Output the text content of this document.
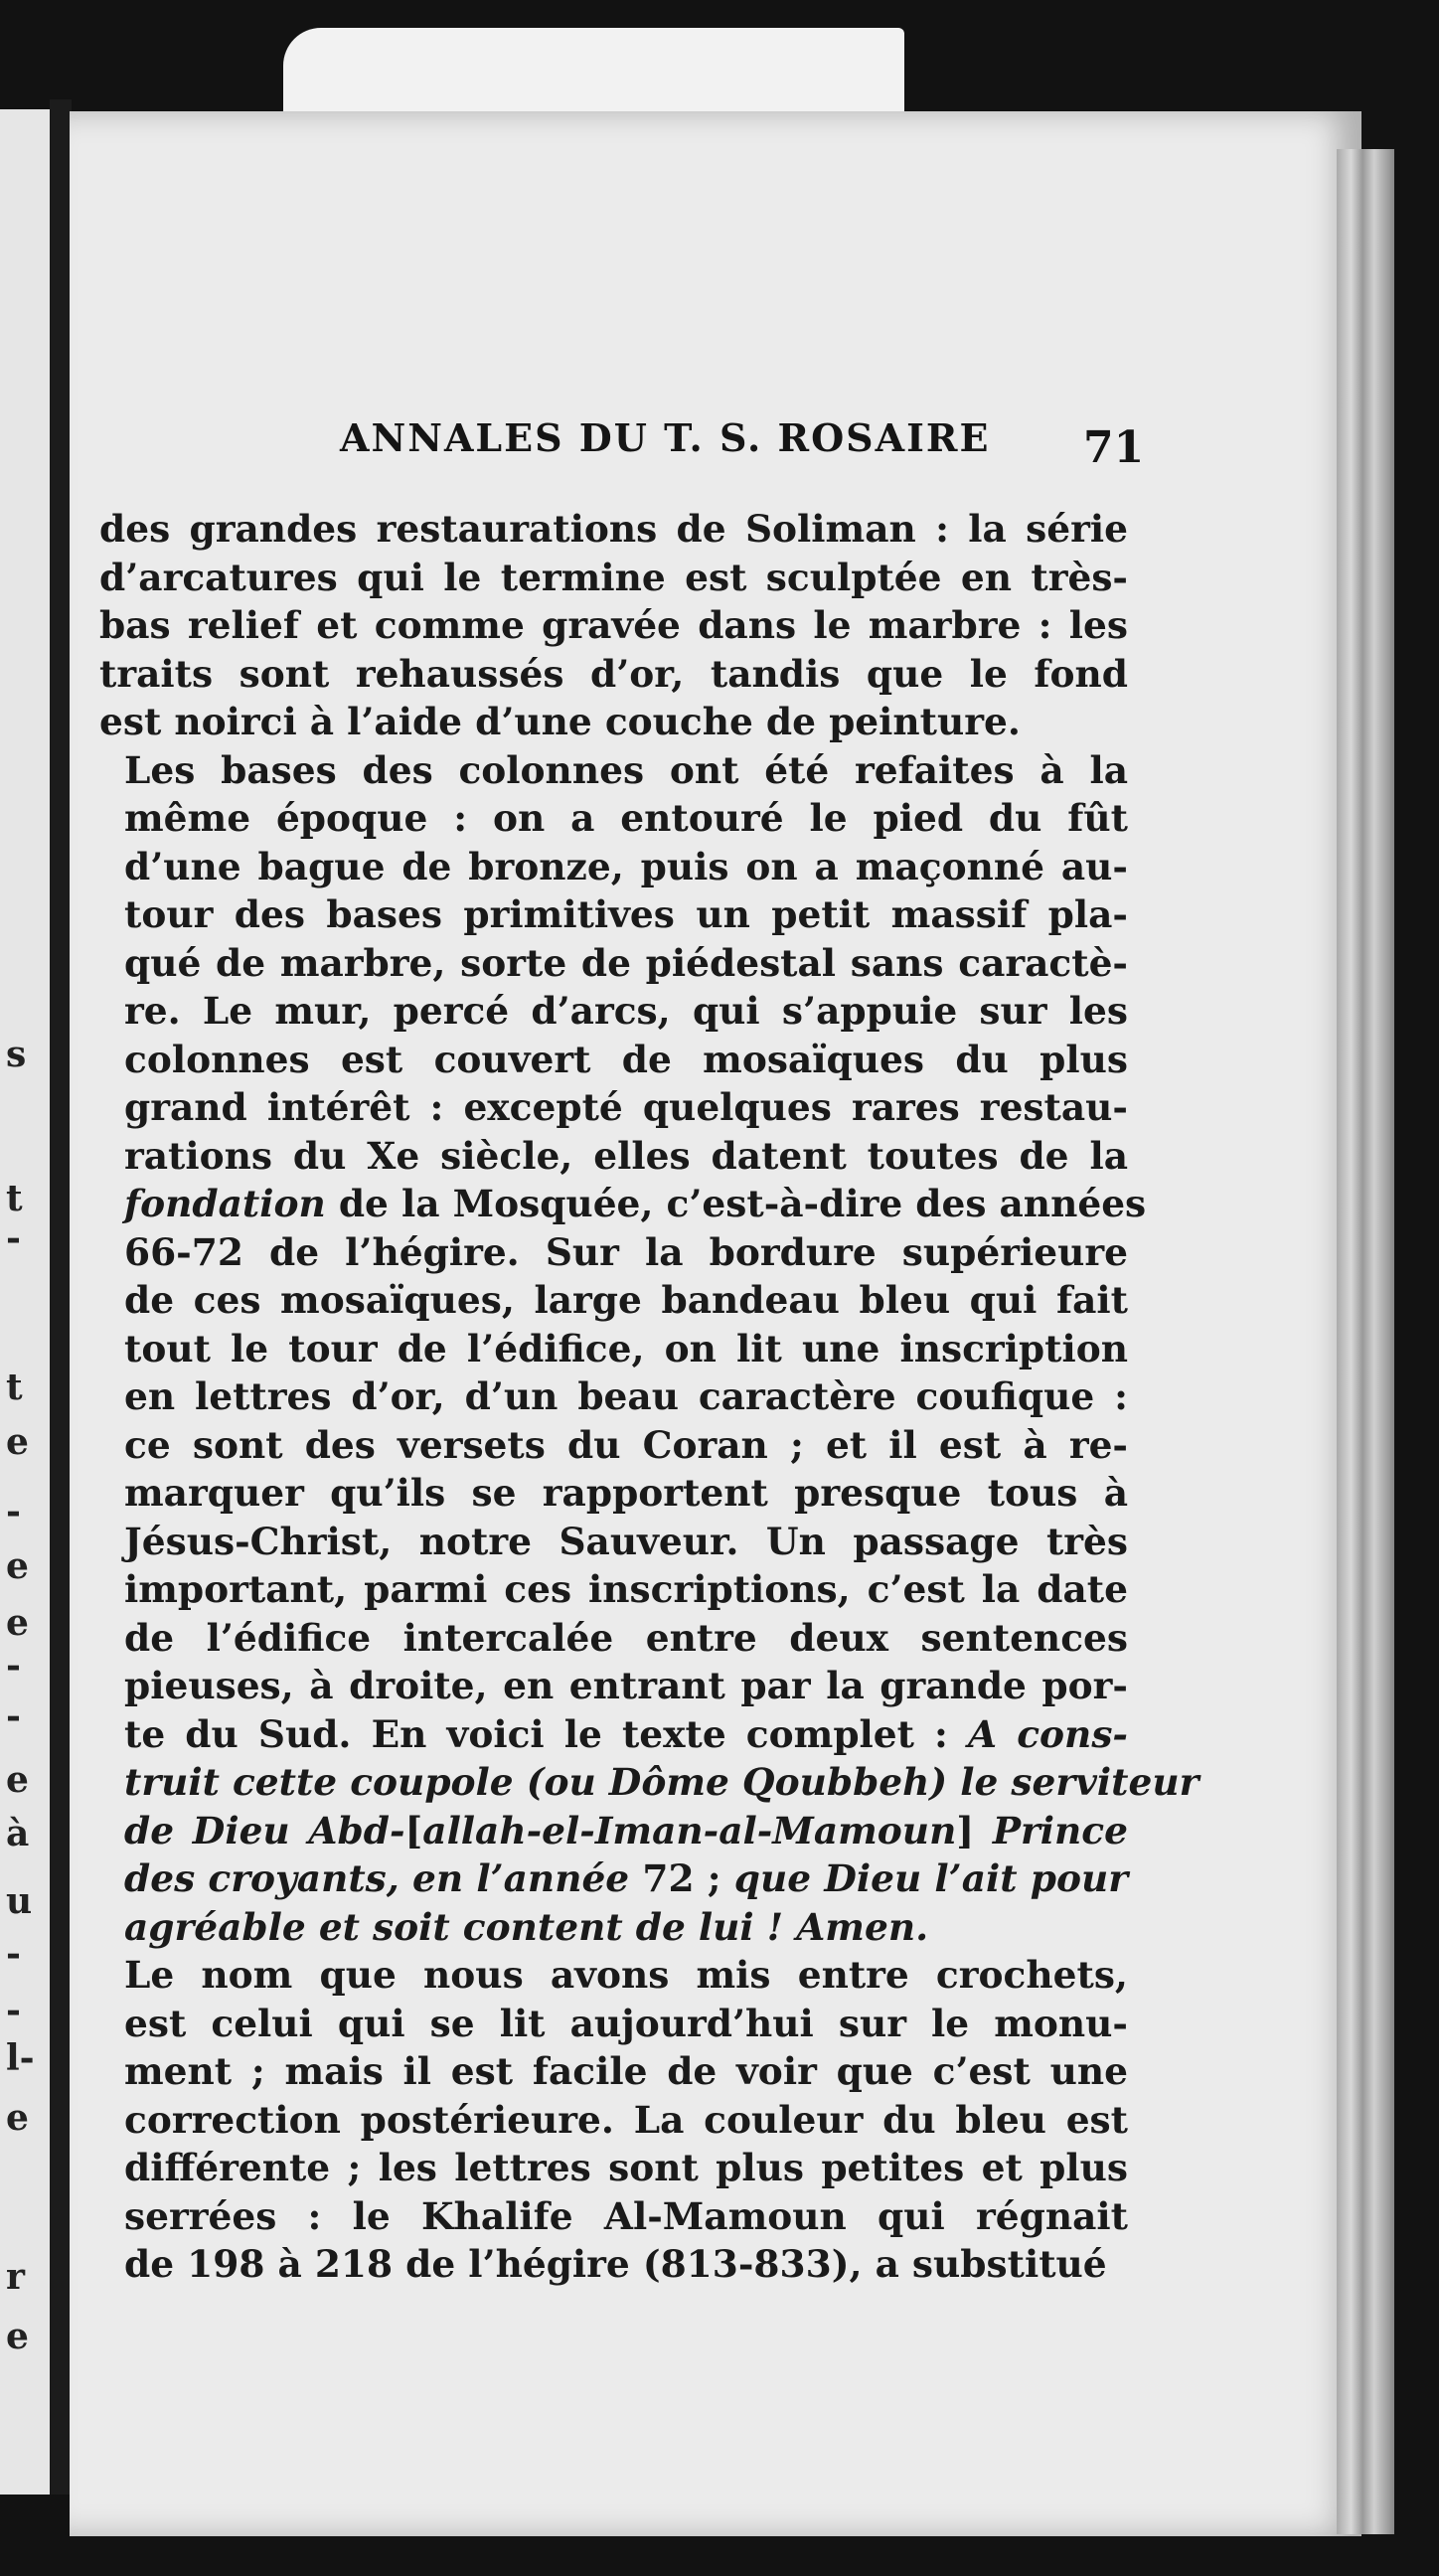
s
t
-
t
e
-
e
e
-
-
e
à
u
-
-
l-
e
r
e
ANNALES DU T. S. ROSAIRE	71
des grandes restaurations de Soliman : la série
d’arcatures qui le termine est sculptée en très-
bas relief et comme gravée dans le marbre : les
traits sont rehaussés d’or, tandis que le fond
est noirci à l’aide d’une couche de peinture.
Les bases des colonnes ont été refaites à la
même époque : on a entouré le pied du fût
d’une bague de bronze, puis on a maçonné au-
tour des bases primitives un petit massif pla-
qué de marbre, sorte de piédestal sans caractè-
re. Le mur, percé d’arcs, qui s’appuie sur les
colonnes est couvert de mosaïques du plus
grand intérêt : excepté quelques rares restau-
rations du Xe siècle, elles datent toutes de la
fondation de la Mosquée, c’est-à-dire des années
66-72 de l’hégire. Sur la bordure supérieure
de ces mosaïques, large bandeau bleu qui fait
tout le tour de l’édifice, on lit une inscription
en lettres d’or, d’un beau caractère coufique :
ce sont des versets du Coran ; et il est à re-
marquer qu’ils se rapportent presque tous à
Jésus-Christ, notre Sauveur. Un passage très
important, parmi ces inscriptions, c’est la date
de l’édifice intercalée entre deux sentences
pieuses, à droite, en entrant par la grande por-
te du Sud. En voici le texte complet : A cons-
truit cette coupole (ou Dôme Qoubbeh) le serviteur
de Dieu Abd-[allah-el-Iman-al-Mamoun] Prince
des croyants, en l’année 72 ; que Dieu l’ait pour
agréable et soit content de lui ! Amen.
Le nom que nous avons mis entre crochets,
est celui qui se lit aujourd’hui sur le monu-
ment ; mais il est facile de voir que c’est une
correction postérieure. La couleur du bleu est
différente ; les lettres sont plus petites et plus
serrées : le Khalife Al-Mamoun qui régnait
de 198 à 218 de l’hégire (813-833), a substitué
